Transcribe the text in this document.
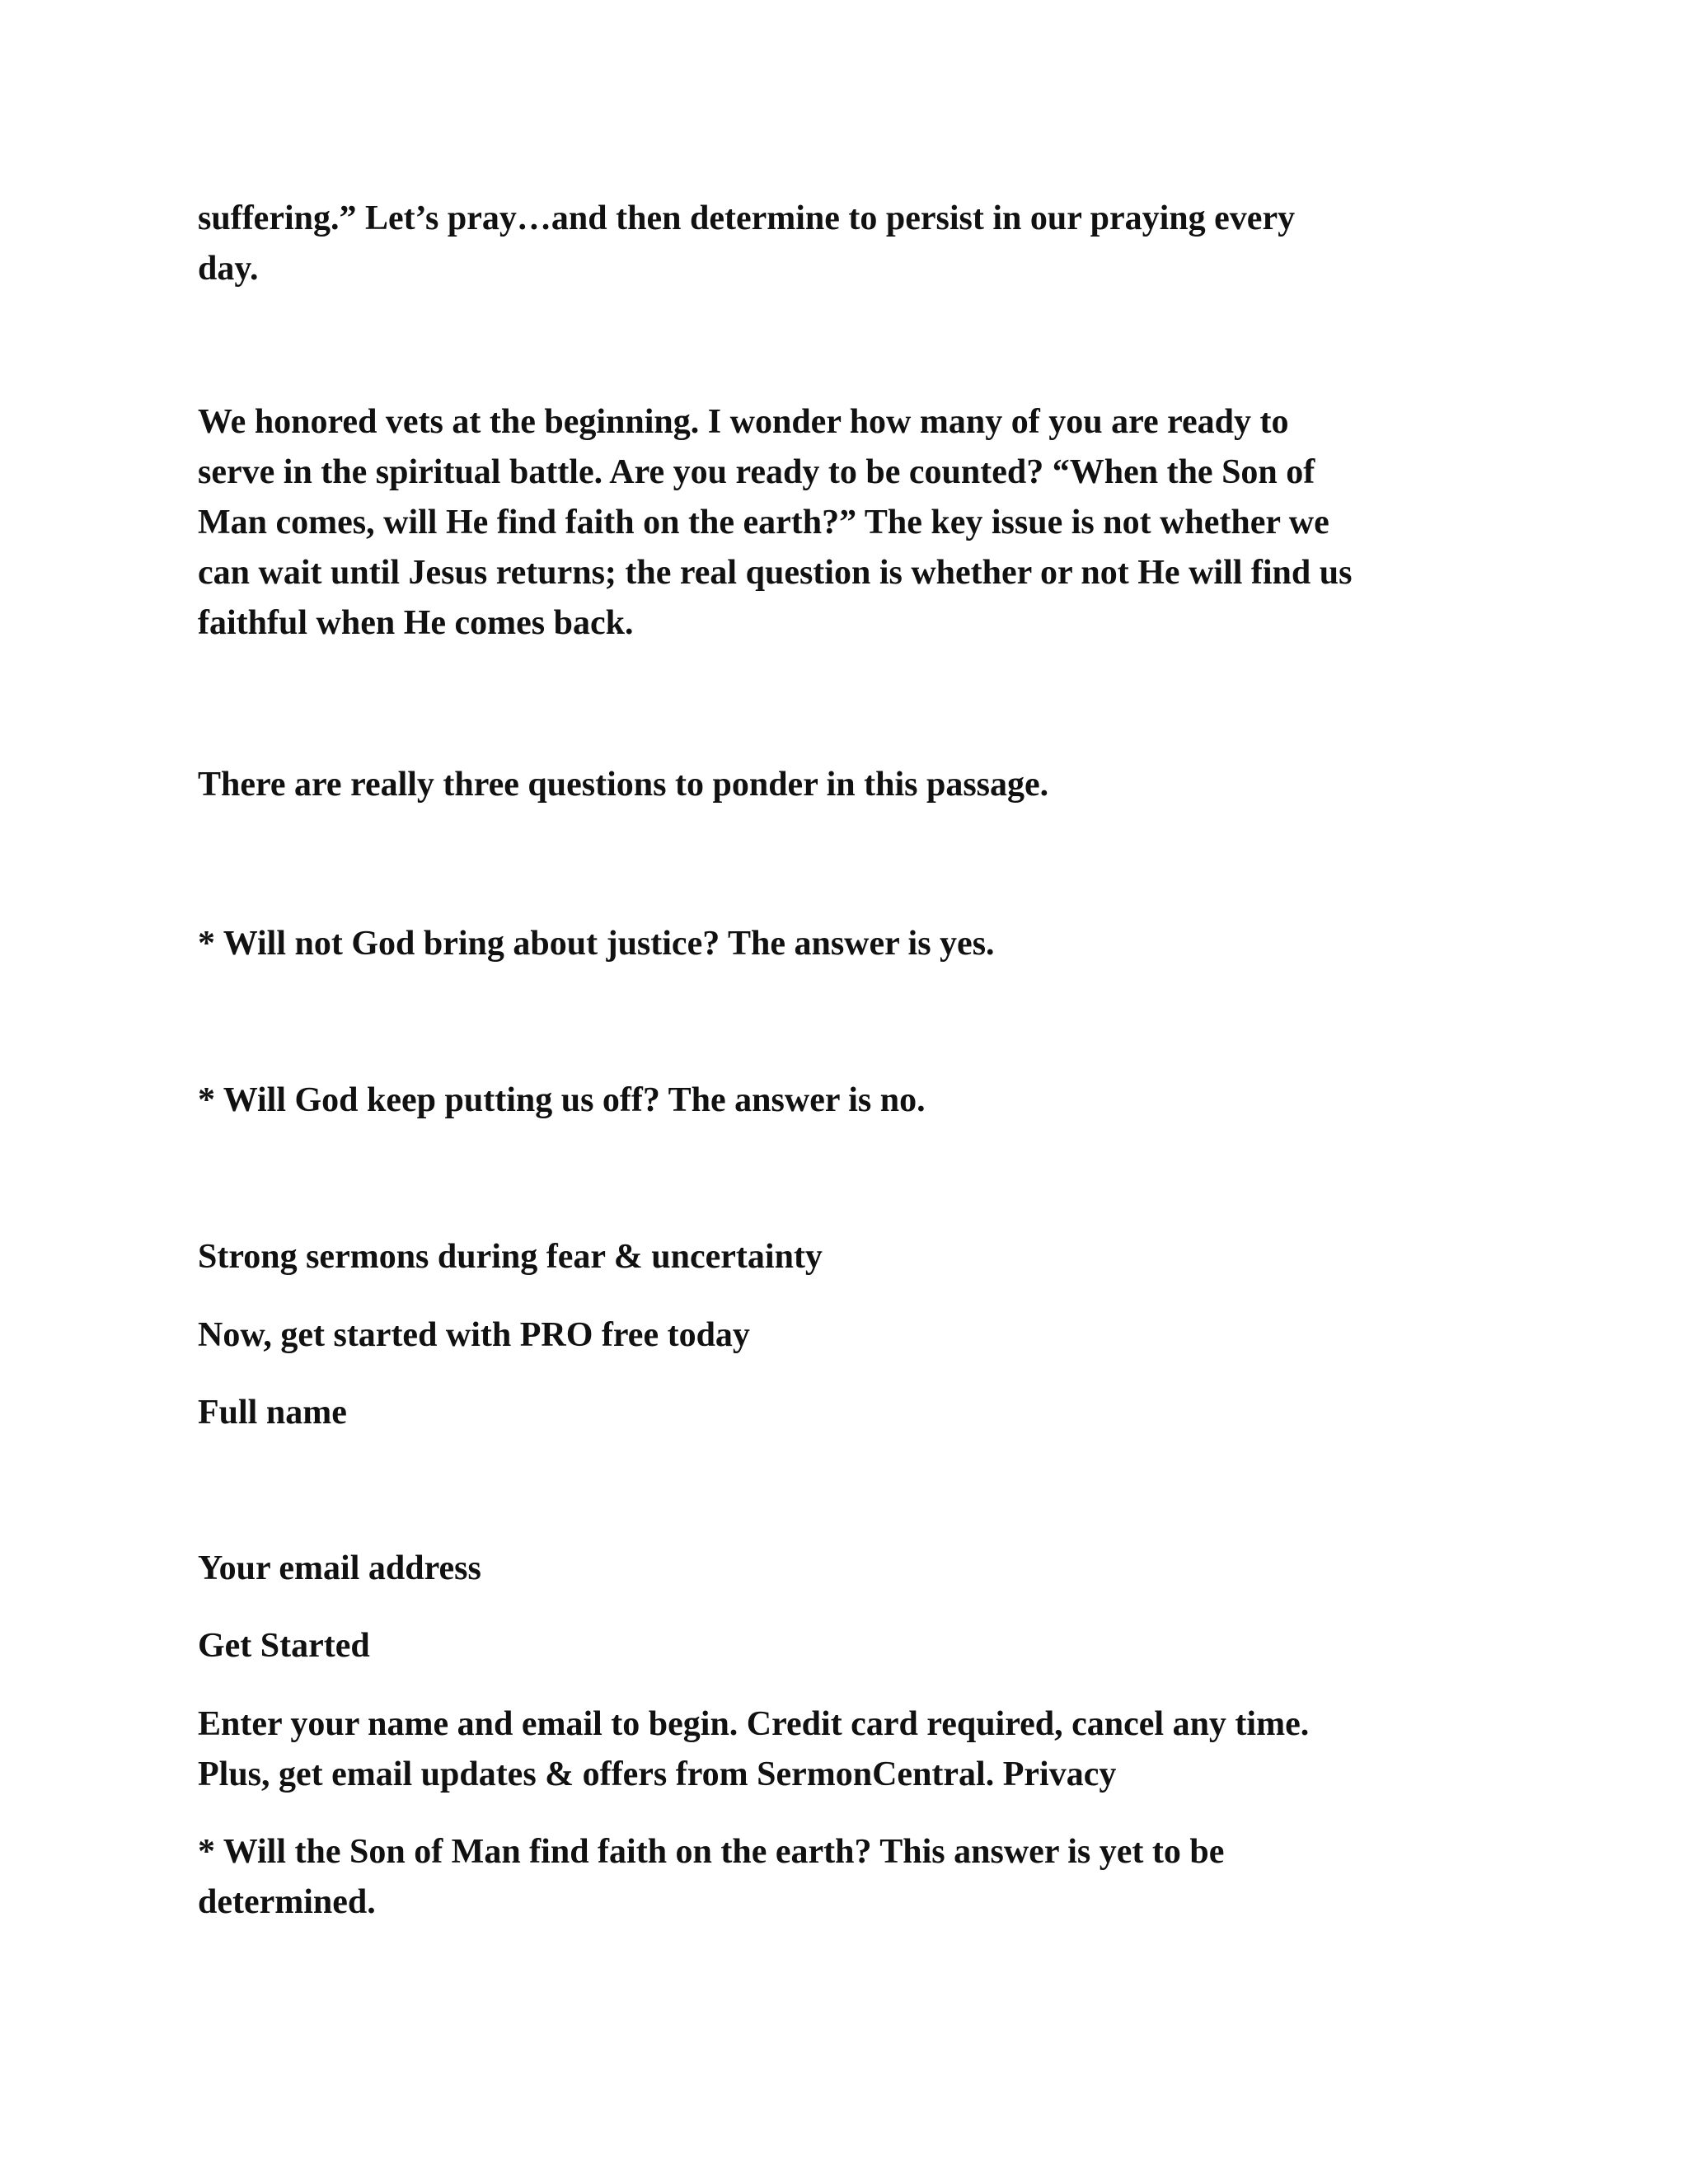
suffering.” Let’s pray…and then determine to persist in our praying every
day.
We honored vets at the beginning. I wonder how many of you are ready to
serve in the spiritual battle. Are you ready to be counted? “When the Son of
Man comes, will He find faith on the earth?” The key issue is not whether we
can wait until Jesus returns; the real question is whether or not He will find us
faithful when He comes back.
There are really three questions to ponder in this passage.
* Will not God bring about justice? The answer is yes.
* Will God keep putting us off? The answer is no.
Strong sermons during fear & uncertainty
Now, get started with PRO free today
Full name
Your email address
Get Started
Enter your name and email to begin. Credit card required, cancel any time.
Plus, get email updates & offers from SermonCentral. Privacy
* Will the Son of Man find faith on the earth? This answer is yet to be
determined.
